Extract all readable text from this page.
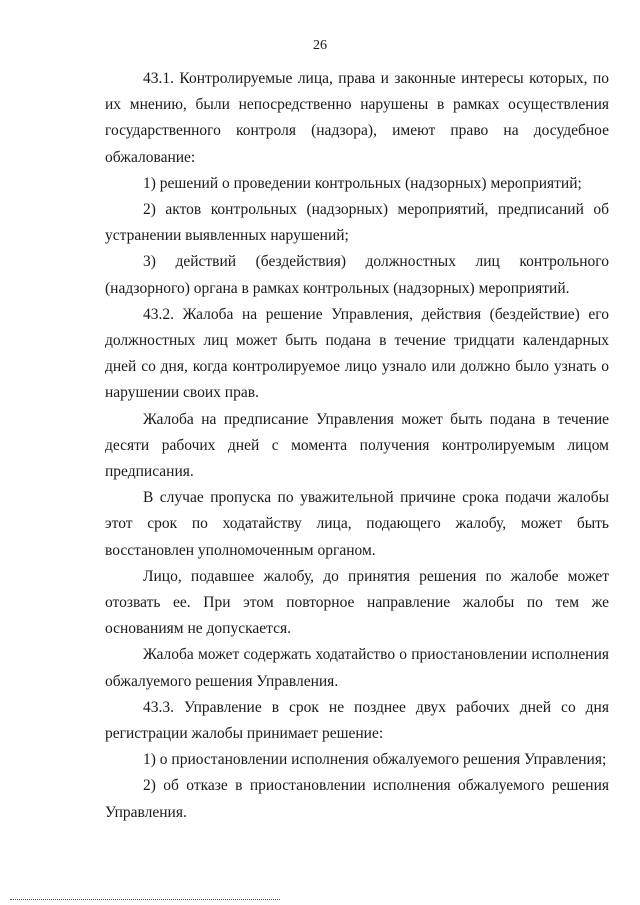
26

43.1. Контролируемые лица, права и законные интересы которых, по их мнению, были непосредственно нарушены в рамках осуществления государственного контроля (надзора), имеют право на досудебное обжалование:

1) решений о проведении контрольных (надзорных) мероприятий;

2) актов контрольных (надзорных) мероприятий, предписаний об устранении выявленных нарушений;

3) действий (бездействия) должностных лиц контрольного (надзорного) органа в рамках контрольных (надзорных) мероприятий.

43.2. Жалоба на решение Управления, действия (бездействие) его должностных лиц может быть подана в течение тридцати календарных дней со дня, когда контролируемое лицо узнало или должно было узнать о нарушении своих прав.

Жалоба на предписание Управления может быть подана в течение десяти рабочих дней с момента получения контролируемым лицом предписания.

В случае пропуска по уважительной причине срока подачи жалобы этот срок по ходатайству лица, подающего жалобу, может быть восстановлен уполномоченным органом.

Лицо, подавшее жалобу, до принятия решения по жалобе может отозвать ее. При этом повторное направление жалобы по тем же основаниям не допускается.

Жалоба может содержать ходатайство о приостановлении исполнения обжалуемого решения Управления.

43.3. Управление в срок не позднее двух рабочих дней со дня регистрации жалобы принимает решение:

1) о приостановлении исполнения обжалуемого решения Управления;

2) об отказе в приостановлении исполнения обжалуемого решения Управления.
